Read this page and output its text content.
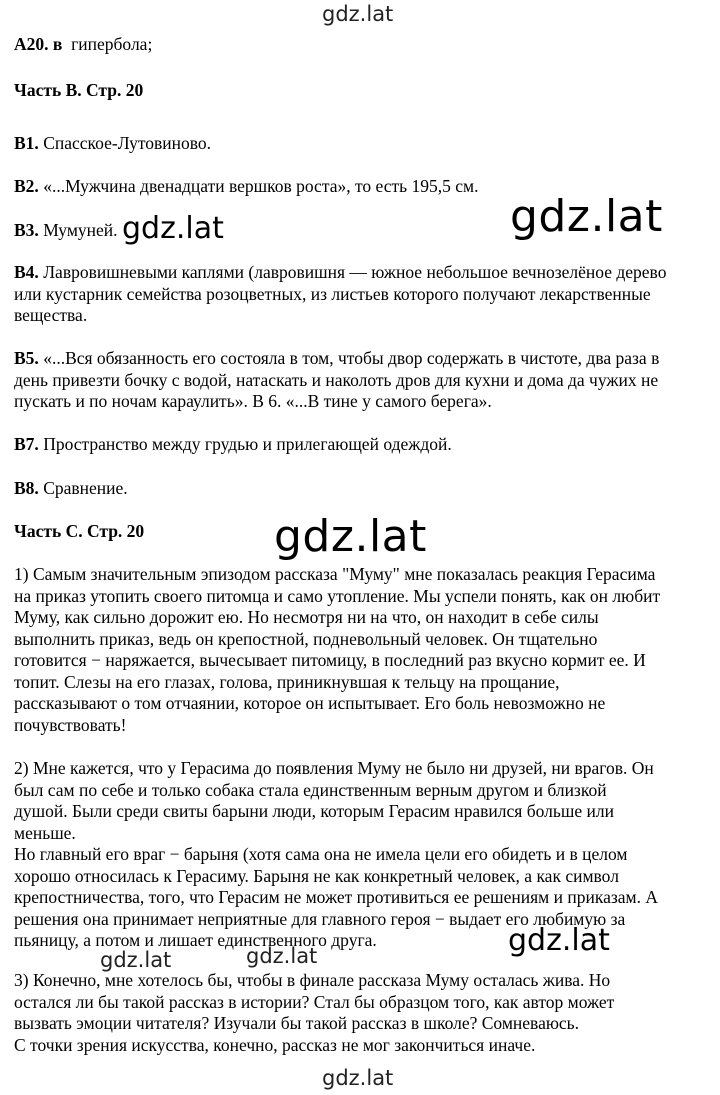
gdz.lat
gdz.lat
gdz.lat
gdz.lat
gdz.lat
gdz.lat	gdz.lat
gdz.lat
А20. в гипербола;
Часть В. Стр. 20
В1. Спасское-Лутовиново.
В2. «...Мужчина двенадцати вершков роста», то есть 195,5 см.
В3. Мумуней.
В4. Лавровишневыми каплями (лавровишня — южное небольшое вечнозелёное дерево
или кустарник семейства розоцветных, из листьев которого получают лекарственные
вещества.
В5. «...Вся обязанность его состояла в том, чтобы двор содержать в чистоте, два раза в
день привезти бочку с водой, натаскать и наколоть дров для кухни и дома да чужих не
пускать и по ночам караулить». В 6. «...В тине у самого берега».
В7. Пространство между грудью и прилегающей одеждой.
В8. Сравнение.
Часть С. Стр. 20
1) Самым значительным эпизодом рассказа "Муму" мне показалась реакция Герасима
на приказ утопить своего питомца и само утопление. Мы успели понять, как он любит
Муму, как сильно дорожит ею. Но несмотря ни на что, он находит в себе силы
выполнить приказ, ведь он крепостной, подневольный человек. Он тщательно
готовится − наряжается, вычесывает питомицу, в последний раз вкусно кормит ее. И
топит. Слезы на его глазах, голова, приникнувшая к тельцу на прощание,
рассказывают о том отчаянии, которое он испытывает. Его боль невозможно не
почувствовать!
2) Мне кажется, что у Герасима до появления Муму не было ни друзей, ни врагов. Он
был сам по себе и только собака стала единственным верным другом и близкой
душой. Были среди свиты барыни люди, которым Герасим нравился больше или
меньше.
Но главный его враг − барыня (хотя сама она не имела цели его обидеть и в целом
хорошо относилась к Герасиму. Барыня не как конкретный человек, а как символ
крепостничества, того, что Герасим не может противиться ее решениям и приказам. А
решения она принимает неприятные для главного героя − выдает его любимую за
пьяницу, а потом и лишает единственного друга.
3) Конечно, мне хотелось бы, чтобы в финале рассказа Муму осталась жива. Но
остался ли бы такой рассказ в истории? Стал бы образцом того, как автор может
вызвать эмоции читателя? Изучали бы такой рассказ в школе? Сомневаюсь.
С точки зрения искусства, конечно, рассказ не мог закончиться иначе.
